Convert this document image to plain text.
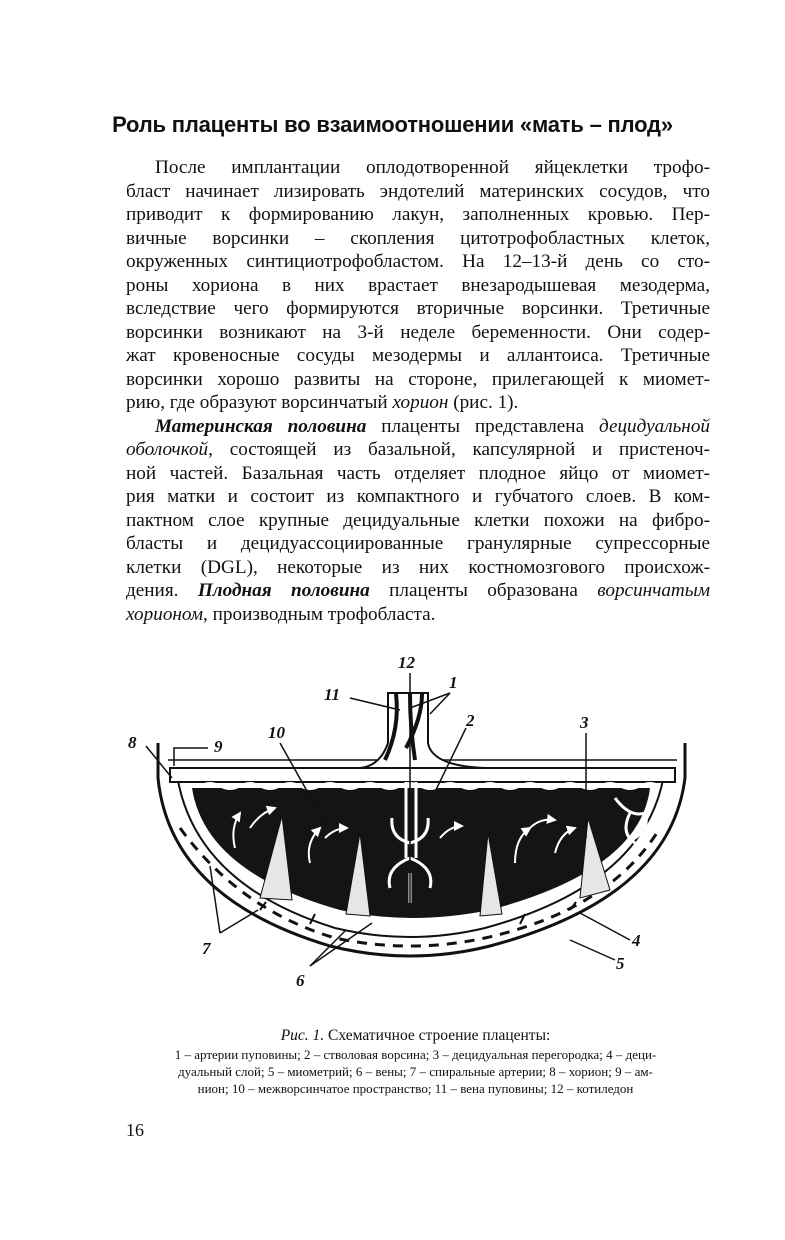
Роль плаценты во взаимоотношении «мать – плод»
После имплантации оплодотворенной яйцеклетки трофо-
бласт начинает лизировать эндотелий материнских сосудов, что
приводит к формированию лакун, заполненных кровью. Пер-
вичные ворсинки – скопления цитотрофобластных клеток,
окруженных синтициотрофобластом. На 12–13-й день со сто-
роны хориона в них врастает внезародышевая мезодерма,
вследствие чего формируются вторичные ворсинки. Третичные
ворсинки возникают на 3-й неделе беременности. Они содер-
жат кровеносные сосуды мезодермы и аллантоиса. Третичные
ворсинки хорошо развиты на стороне, прилегающей к миомет-
рию, где образуют ворсинчатый хорион (рис. 1).
Материнская половина плаценты представлена децидуальной
оболочкой, состоящей из базальной, капсулярной и пристеноч-
ной частей. Базальная часть отделяет плодное яйцо от миомет-
рия матки и состоит из компактного и губчатого слоев. В ком-
пактном слое крупные децидуальные клетки похожи на фибро-
бласты и децидуассоциированные гранулярные супрессорные
клетки (DGL), некоторые из них костномозгового происхож-
дения. Плодная половина плаценты образована ворсинчатым
хорионом, производным трофобласта.
1
2	3
4
5
6
7
8	9
10
11
12
Рис. 1. Схематичное строение плаценты:
1 – артерии пуповины; 2 – стволовая ворсина; 3 – децидуальная перегородка; 4 – деци-
дуальный слой; 5 – миометрий; 6 – вены; 7 – спиральные артерии; 8 – хорион; 9 – ам-
нион; 10 – межворсинчатое пространство; 11 – вена пуповины; 12 – котиледон
16
